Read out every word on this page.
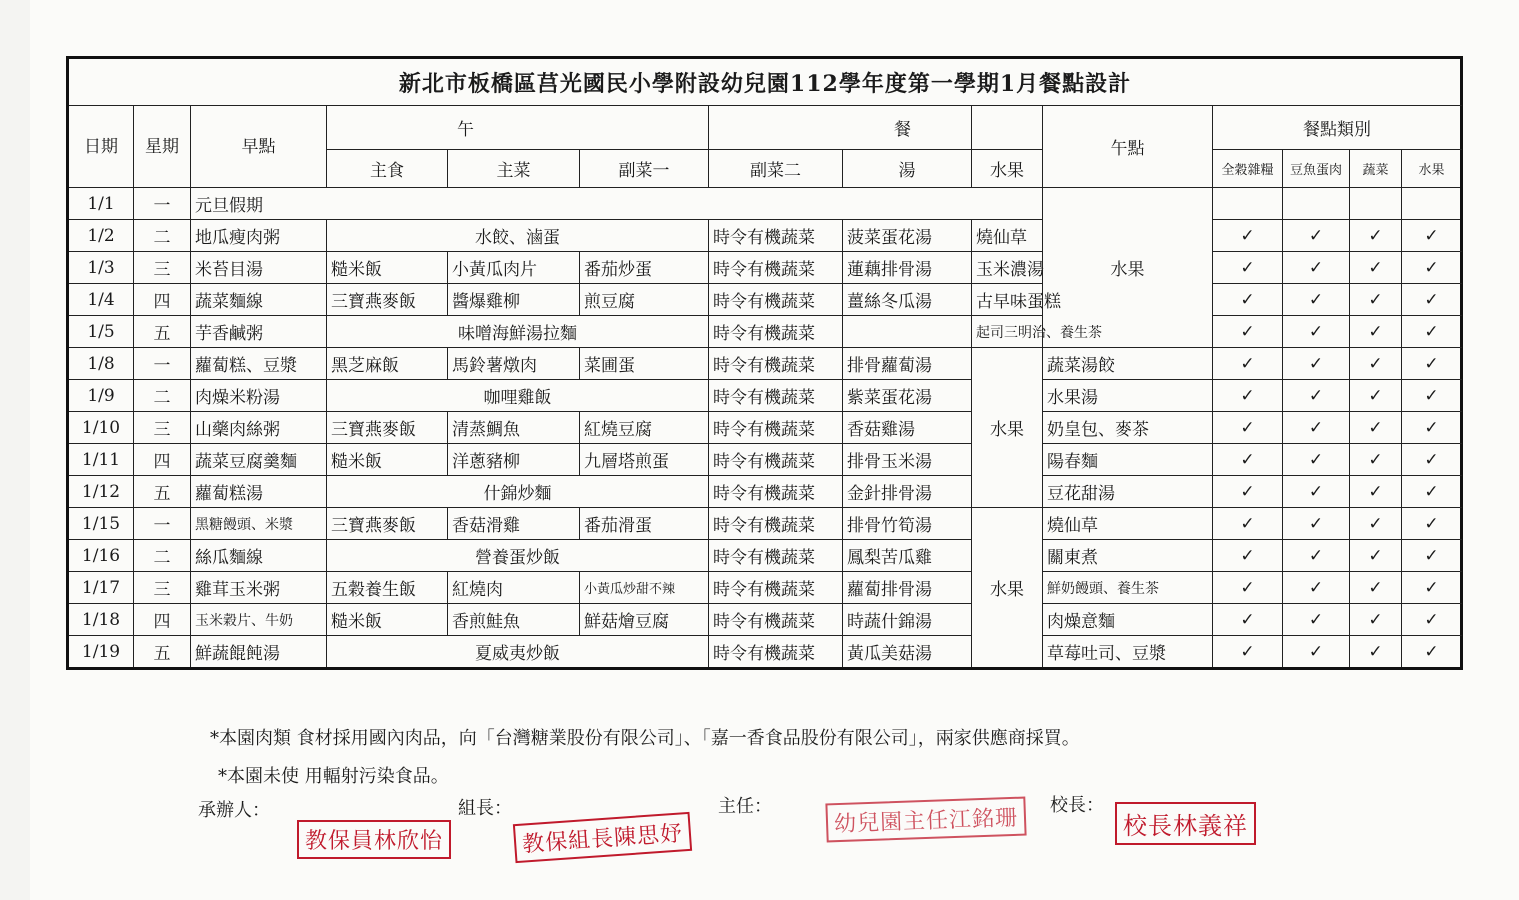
新北市板橋區莒光國民小學附設幼兒園112學年度第一學期1月餐點設計														
日期	星期	早點	午			餐			午點	餐點類別				
			主食	主菜	副菜一	副菜二	湯	水果		全穀雜糧	豆魚蛋肉	蔬菜	水果	
1/1	一	元旦假期							水果					
1/2	二	地瓜瘦肉粥	水餃、滷蛋			時令有機蔬菜	菠菜蛋花湯	燒仙草		✓	✓	✓	✓	
1/3	三	米苔目湯	糙米飯	小黃瓜肉片	番茄炒蛋	時令有機蔬菜	蓮藕排骨湯	玉米濃湯		✓	✓	✓	✓	
1/4	四	蔬菜麵線	三寶燕麥飯	醬爆雞柳	煎豆腐	時令有機蔬菜	薑絲冬瓜湯	古早味蛋糕		✓	✓	✓	✓	
1/5	五	芋香鹹粥	味噌海鮮湯拉麵			時令有機蔬菜		起司三明治、養生茶		✓	✓	✓	✓	
1/8	一	蘿蔔糕、豆漿	黑芝麻飯	馬鈴薯燉肉	菜圃蛋	時令有機蔬菜	排骨蘿蔔湯	水果	蔬菜湯餃	✓	✓	✓	✓	
1/9	二	肉燥米粉湯	咖哩雞飯			時令有機蔬菜	紫菜蛋花湯		水果湯	✓	✓	✓	✓	
1/10	三	山藥肉絲粥	三寶燕麥飯	清蒸鯛魚	紅燒豆腐	時令有機蔬菜	香菇雞湯		奶皇包、麥茶	✓	✓	✓	✓	
1/11	四	蔬菜豆腐羹麵	糙米飯	洋蔥豬柳	九層塔煎蛋	時令有機蔬菜	排骨玉米湯		陽春麵	✓	✓	✓	✓	
1/12	五	蘿蔔糕湯	什錦炒麵			時令有機蔬菜	金針排骨湯		豆花甜湯	✓	✓	✓	✓	
1/15	一	黑糖饅頭、米漿	三寶燕麥飯	香菇滑雞	番茄滑蛋	時令有機蔬菜	排骨竹筍湯	水果	燒仙草	✓	✓	✓	✓	
1/16	二	絲瓜麵線	營養蛋炒飯			時令有機蔬菜	鳳梨苦瓜雞		關東煮	✓	✓	✓	✓	
1/17	三	雞茸玉米粥	五穀養生飯	紅燒肉	小黃瓜炒甜不辣	時令有機蔬菜	蘿蔔排骨湯		鮮奶饅頭、養生茶	✓	✓	✓	✓	
1/18	四	玉米穀片、牛奶	糙米飯	香煎鮭魚	鮮菇燴豆腐	時令有機蔬菜	時蔬什錦湯		肉燥意麵	✓	✓	✓	✓	
1/19	五	鮮蔬餛飩湯	夏威夷炒飯			時令有機蔬菜	黃瓜美菇湯		草莓吐司、豆漿	✓	✓	✓	✓	
*本園肉類 食材採用國內肉品，向「台灣糖業股份有限公司」、「嘉一香食品股份有限公司」，兩家供應商採買。
*本園未使 用輻射污染食品。
承辦人：	組長：	主任：	校長：
教保員林欣怡	教保組長陳思妤	幼兒園主任江銘珊	校長林義祥
